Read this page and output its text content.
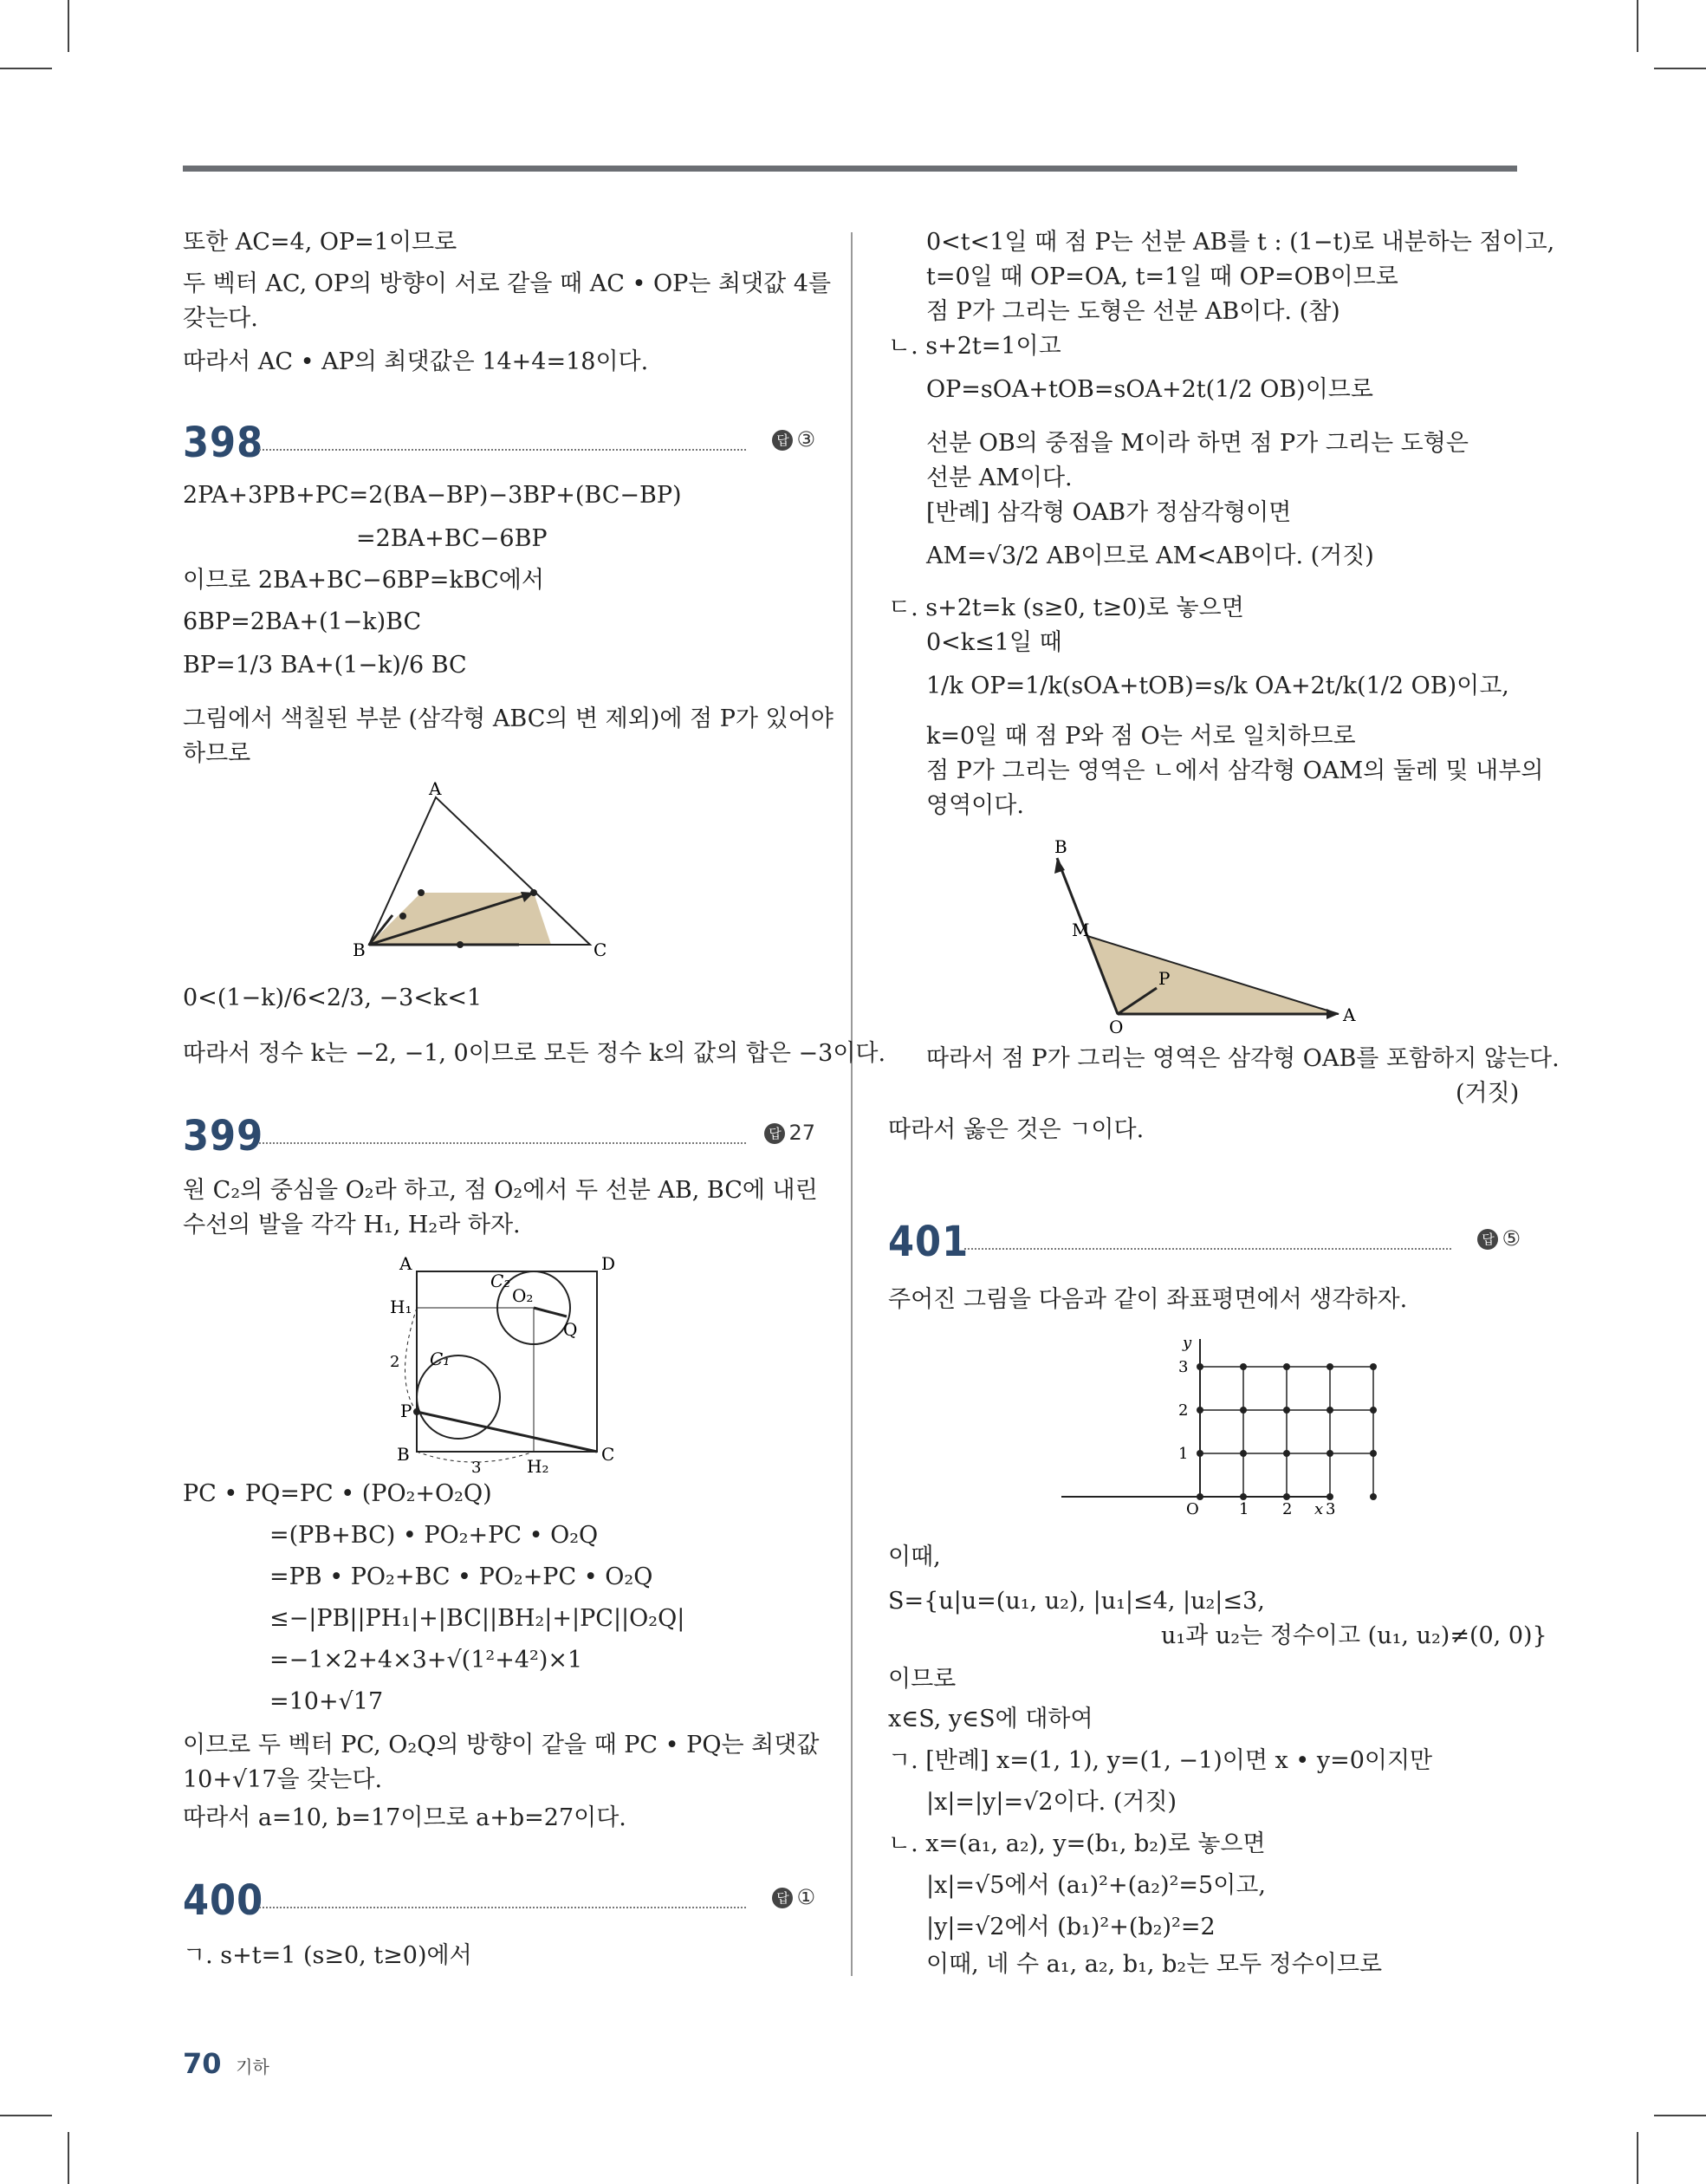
또한 AC=4, OP=1이므로
두 벡터 AC, OP의 방향이 서로 같을 때 AC • OP는 최댓값 4를
갖는다.
따라서 AC • AP의 최댓값은 14+4=18이다.
398	답 ③
2PA+3PB+PC=2(BA−BP)−3BP+(BC−BP)
=2BA+BC−6BP
이므로 2BA+BC−6BP=kBC에서
6BP=2BA+(1−k)BC
BP=1/3 BA+(1−k)/6 BC
그림에서 색칠된 부분 (삼각형 ABC의 변 제외)에 점 P가 있어야
하므로
A
B	C
0<(1−k)/6<2/3, −3<k<1
따라서 정수 k는 −2, −1, 0이므로 모든 정수 k의 값의 합은 −3이다.
399	답 27
원 C₂의 중심을 O₂라 하고, 점 O₂에서 두 선분 AB, BC에 내린
수선의 발을 각각 H₁, H₂라 하자.
A	D
B	C
H₁
H₂
O₂
Q
P
C₁
C₂
2
3
PC • PQ=PC • (PO₂+O₂Q)
=(PB+BC) • PO₂+PC • O₂Q
=PB • PO₂+BC • PO₂+PC • O₂Q
≤−|PB||PH₁|+|BC||BH₂|+|PC||O₂Q|
=−1×2+4×3+√(1²+4²)×1
=10+√17
이므로 두 벡터 PC, O₂Q의 방향이 같을 때 PC • PQ는 최댓값
10+√17을 갖는다.
따라서 a=10, b=17이므로 a+b=27이다.
400	답 ①
ㄱ. s+t=1 (s≥0, t≥0)에서
0<t<1일 때 점 P는 선분 AB를 t : (1−t)로 내분하는 점이고,
t=0일 때 OP=OA, t=1일 때 OP=OB이므로
점 P가 그리는 도형은 선분 AB이다. (참)
ㄴ. s+2t=1이고
OP=sOA+tOB=sOA+2t(1/2 OB)이므로
선분 OB의 중점을 M이라 하면 점 P가 그리는 도형은
선분 AM이다.
[반례] 삼각형 OAB가 정삼각형이면
AM=√3/2 AB이므로 AM<AB이다. (거짓)
ㄷ. s+2t=k (s≥0, t≥0)로 놓으면
0<k≤1일 때
1/k OP=1/k(sOA+tOB)=s/k OA+2t/k(1/2 OB)이고,
k=0일 때 점 P와 점 O는 서로 일치하므로
점 P가 그리는 영역은 ㄴ에서 삼각형 OAM의 둘레 및 내부의
영역이다.
B
M
P
O
A
따라서 점 P가 그리는 영역은 삼각형 OAB를 포함하지 않는다.
(거짓)
따라서 옳은 것은 ㄱ이다.
401	답 ⑤
주어진 그림을 다음과 같이 좌표평면에서 생각하자.
x
y
O	1 2 3
1
2
3
이때,
S={u|u=(u₁, u₂), |u₁|≤4, |u₂|≤3,
u₁과 u₂는 정수이고 (u₁, u₂)≠(0, 0)}
이므로
x∈S, y∈S에 대하여
ㄱ. [반례] x=(1, 1), y=(1, −1)이면 x • y=0이지만
|x|=|y|=√2이다. (거짓)
ㄴ. x=(a₁, a₂), y=(b₁, b₂)로 놓으면
|x|=√5에서 (a₁)²+(a₂)²=5이고,
|y|=√2에서 (b₁)²+(b₂)²=2
이때, 네 수 a₁, a₂, b₁, b₂는 모두 정수이므로
70 기하
